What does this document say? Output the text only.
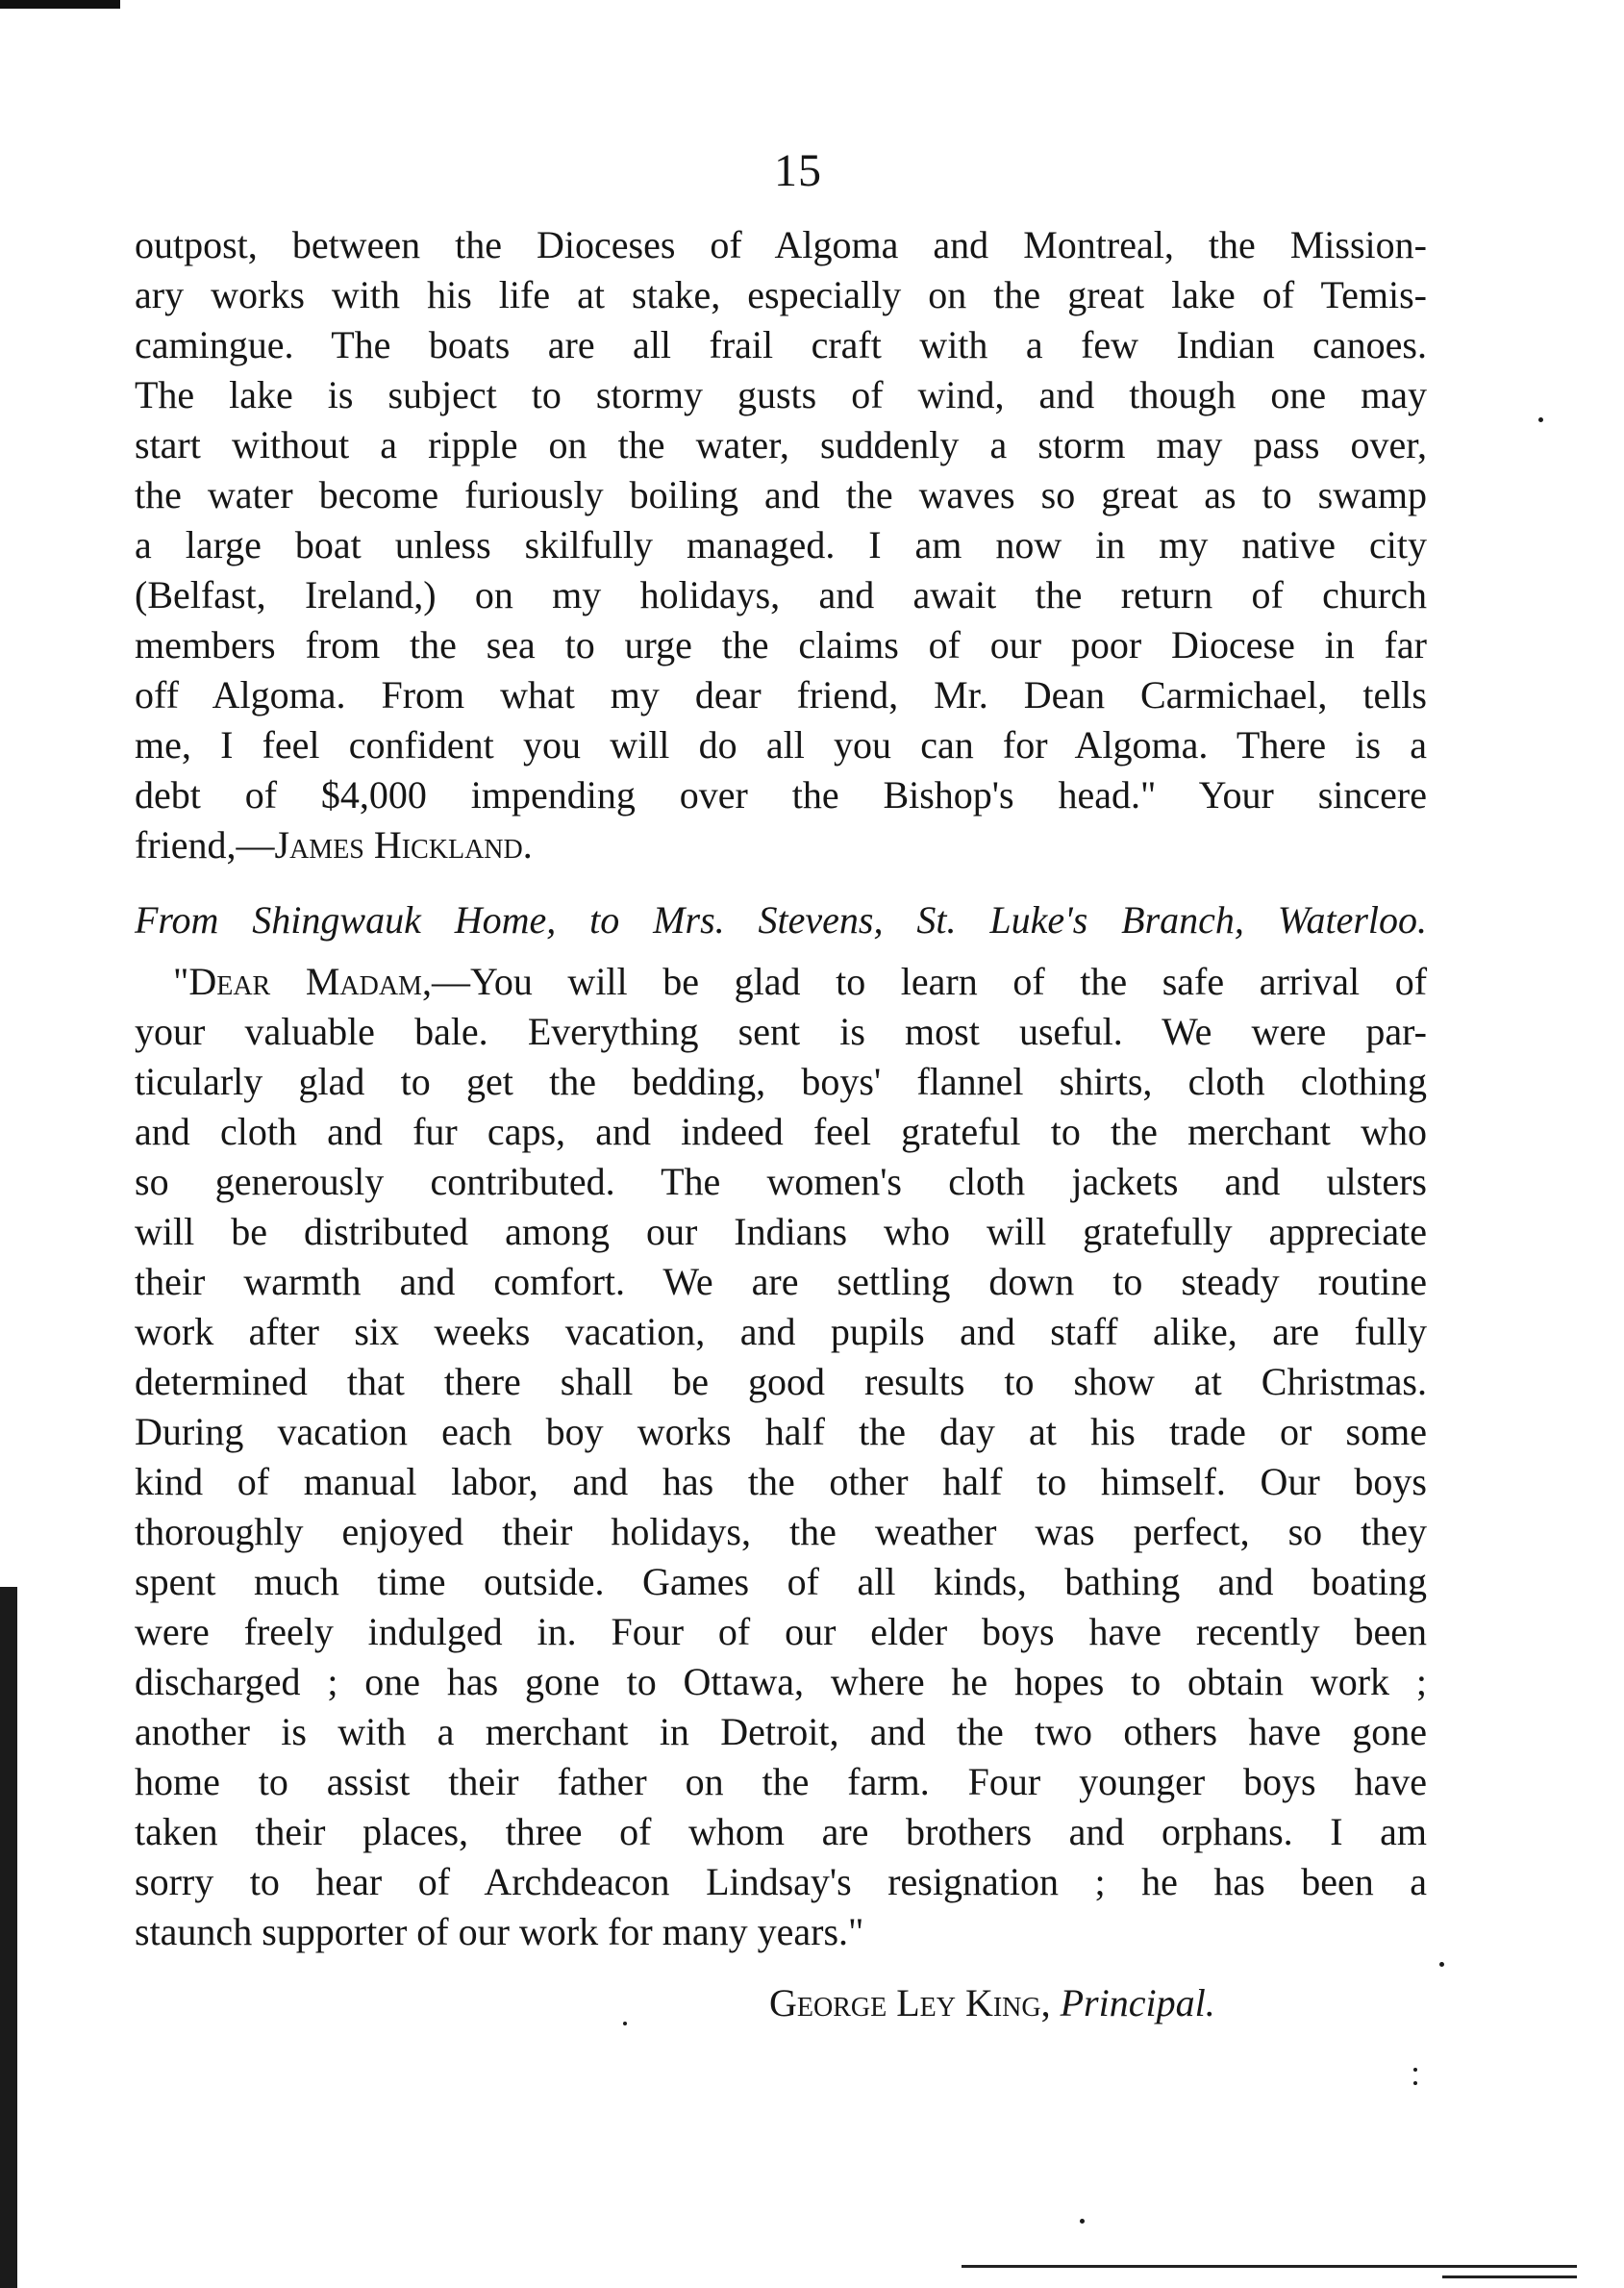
15
outpost, between the Dioceses of Algoma and Montreal, the Mission-
ary works with his life at stake, especially on the great lake of Temis-
camingue. The boats are all frail craft with a few Indian canoes.
The lake is subject to stormy gusts of wind, and though one may
start without a ripple on the water, suddenly a storm may pass over,
the water become furiously boiling and the waves so great as to swamp
a large boat unless skilfully managed. I am now in my native city
(Belfast, Ireland,) on my holidays, and await the return of church
members from the sea to urge the claims of our poor Diocese in far
off Algoma. From what my dear friend, Mr. Dean Carmichael, tells
me, I feel confident you will do all you can for Algoma. There is a
debt of $4,000 impending over the Bishop's head." Your sincere
friend,—James Hickland.
From Shingwauk Home, to Mrs. Stevens, St. Luke's Branch, Waterloo.
"Dear Madam,—You will be glad to learn of the safe arrival of
your valuable bale. Everything sent is most useful. We were par-
ticularly glad to get the bedding, boys' flannel shirts, cloth clothing
and cloth and fur caps, and indeed feel grateful to the merchant who
so generously contributed. The women's cloth jackets and ulsters
will be distributed among our Indians who will gratefully appreciate
their warmth and comfort. We are settling down to steady routine
work after six weeks vacation, and pupils and staff alike, are fully
determined that there shall be good results to show at Christmas.
During vacation each boy works half the day at his trade or some
kind of manual labor, and has the other half to himself. Our boys
thoroughly enjoyed their holidays, the weather was perfect, so they
spent much time outside. Games of all kinds, bathing and boating
were freely indulged in. Four of our elder boys have recently been
discharged ; one has gone to Ottawa, where he hopes to obtain work ;
another is with a merchant in Detroit, and the two others have gone
home to assist their father on the farm. Four younger boys have
taken their places, three of whom are brothers and orphans. I am
sorry to hear of Archdeacon Lindsay's resignation ; he has been a
staunch supporter of our work for many years."
George Ley King, Principal.
